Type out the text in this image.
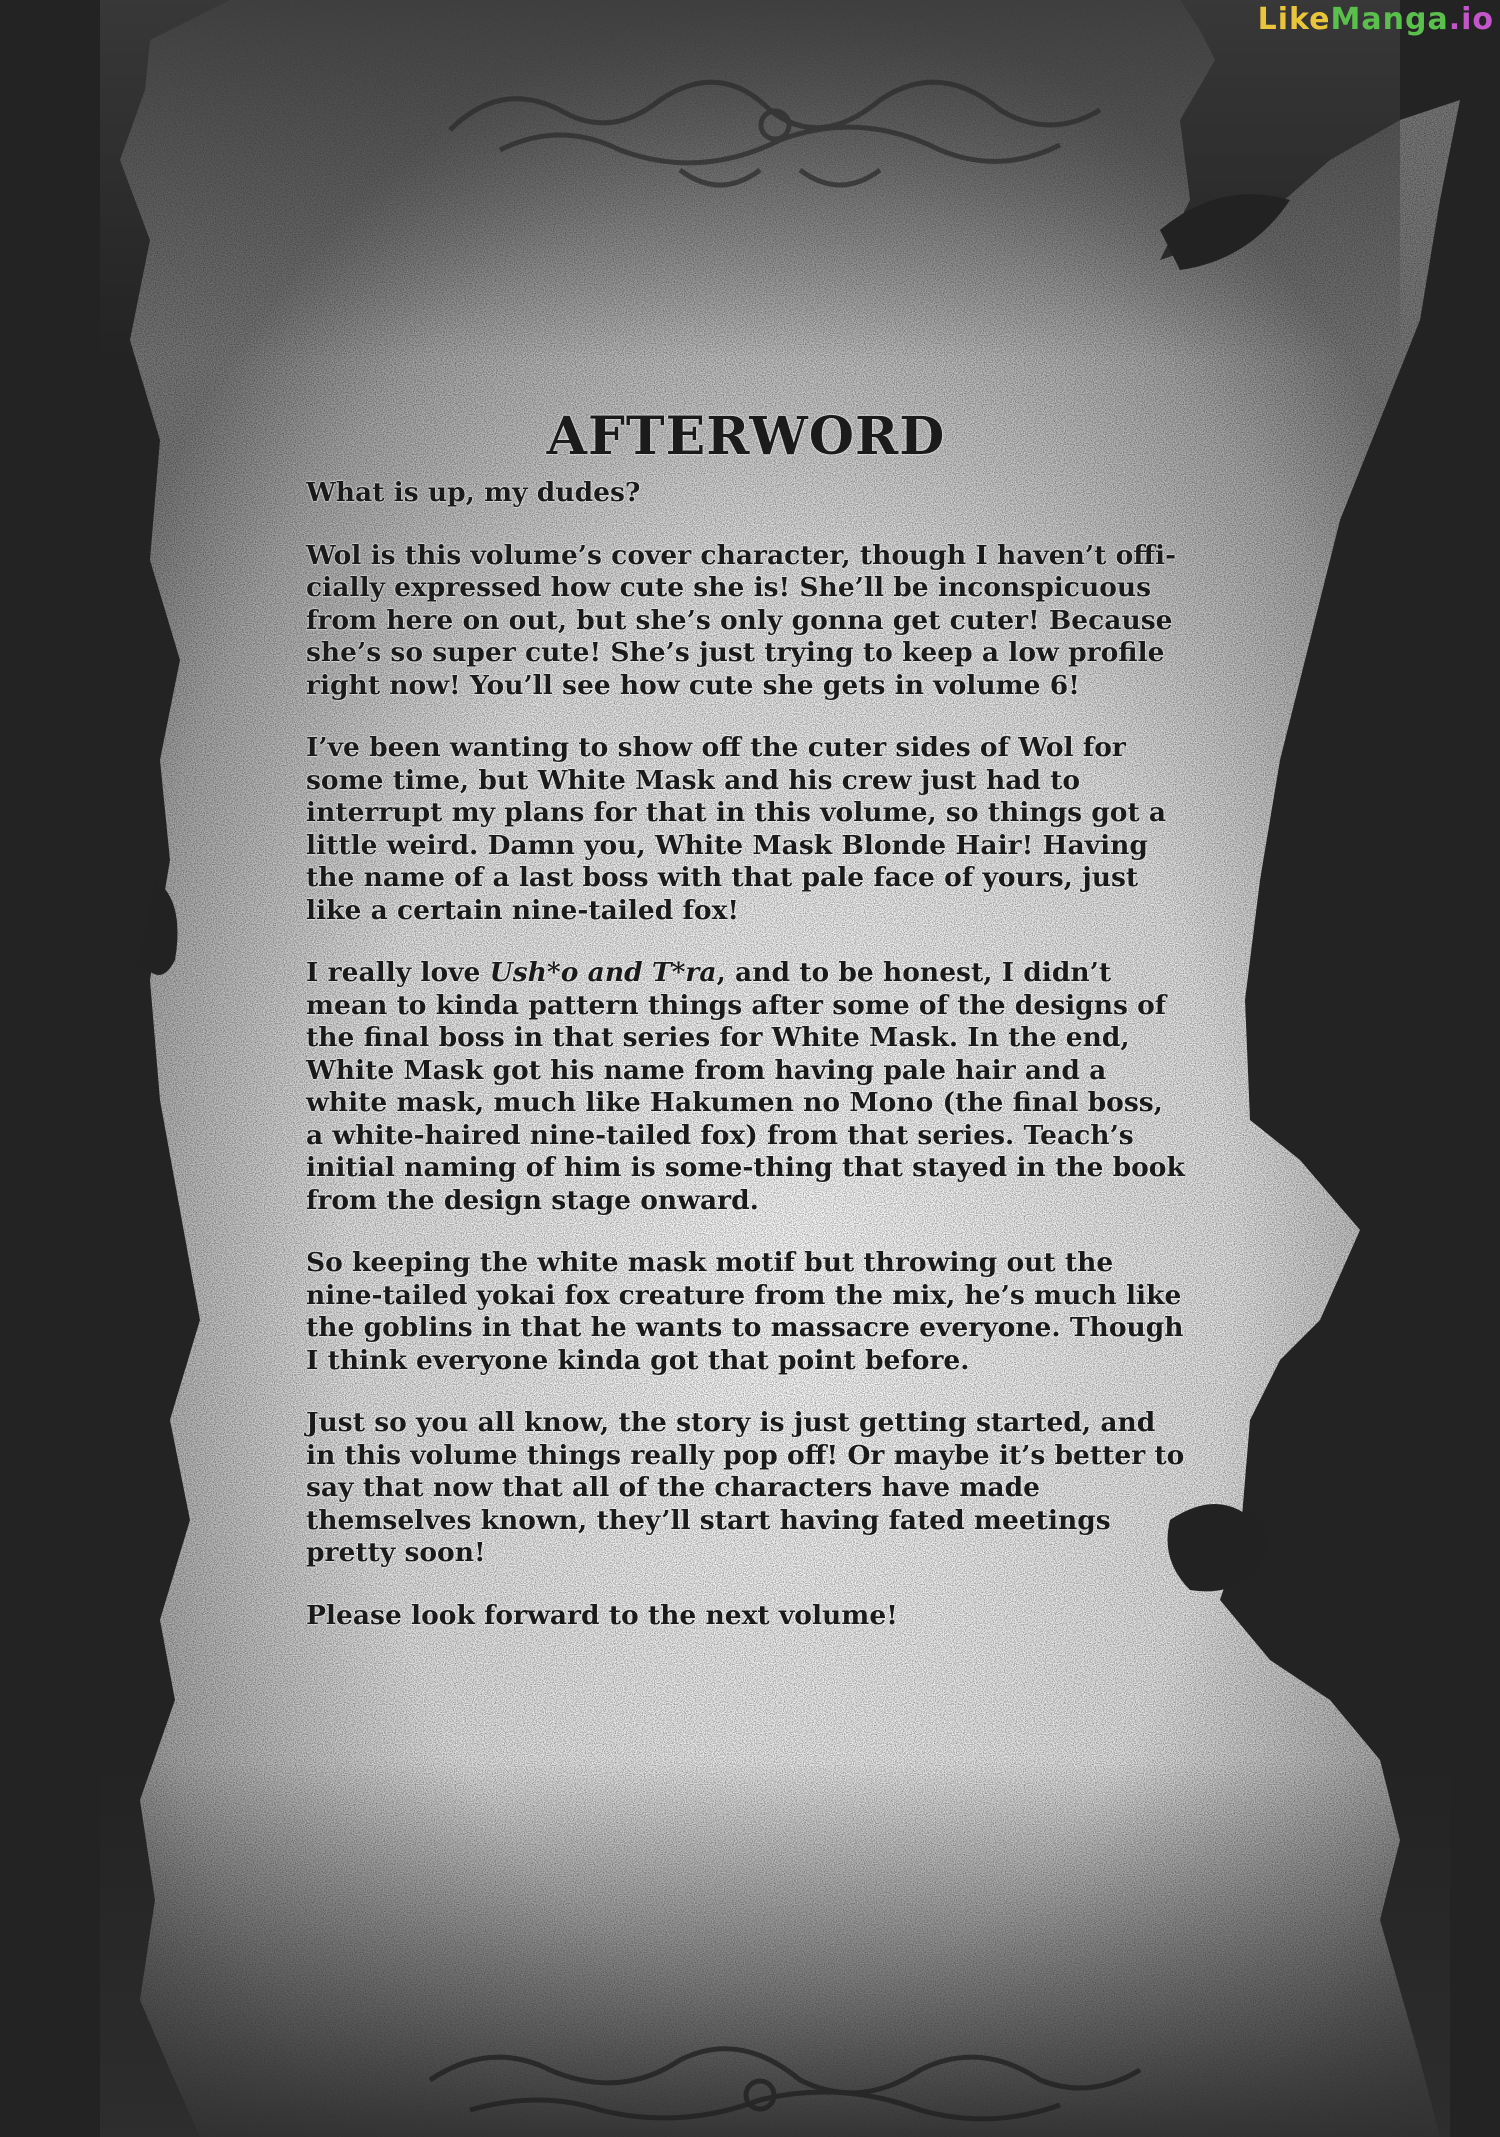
LikeManga.io
AFTERWORD

What is up, my dudes?

Wol is this volume’s cover character, though I haven’t offi-cially expressed how cute she is! She’ll be inconspicuous from here on out, but she’s only gonna get cuter! Because she’s so super cute! She’s just trying to keep a low profile right now! You’ll see how cute she gets in volume 6!

I’ve been wanting to show off the cuter sides of Wol for some time, but White Mask and his crew just had to interrupt my plans for that in this volume, so things got a little weird. Damn you, White Mask Blonde Hair! Having the name of a last boss with that pale face of yours, just like a certain nine-tailed fox!

I really love Ush*o and T*ra, and to be honest, I didn’t mean to kinda pattern things after some of the designs of the final boss in that series for White Mask. In the end, White Mask got his name from having pale hair and a white mask, much like Hakumen no Mono (the final boss, a white-haired nine-tailed fox) from that series. Teach’s initial naming of him is some-thing that stayed in the book from the design stage onward.

So keeping the white mask motif but throwing out the nine-tailed yokai fox creature from the mix, he’s much like the goblins in that he wants to massacre everyone. Though I think everyone kinda got that point before.

Just so you all know, the story is just getting started, and in this volume things really pop off! Or maybe it’s better to say that now that all of the characters have made themselves known, they’ll start having fated meetings pretty soon!

Please look forward to the next volume!
